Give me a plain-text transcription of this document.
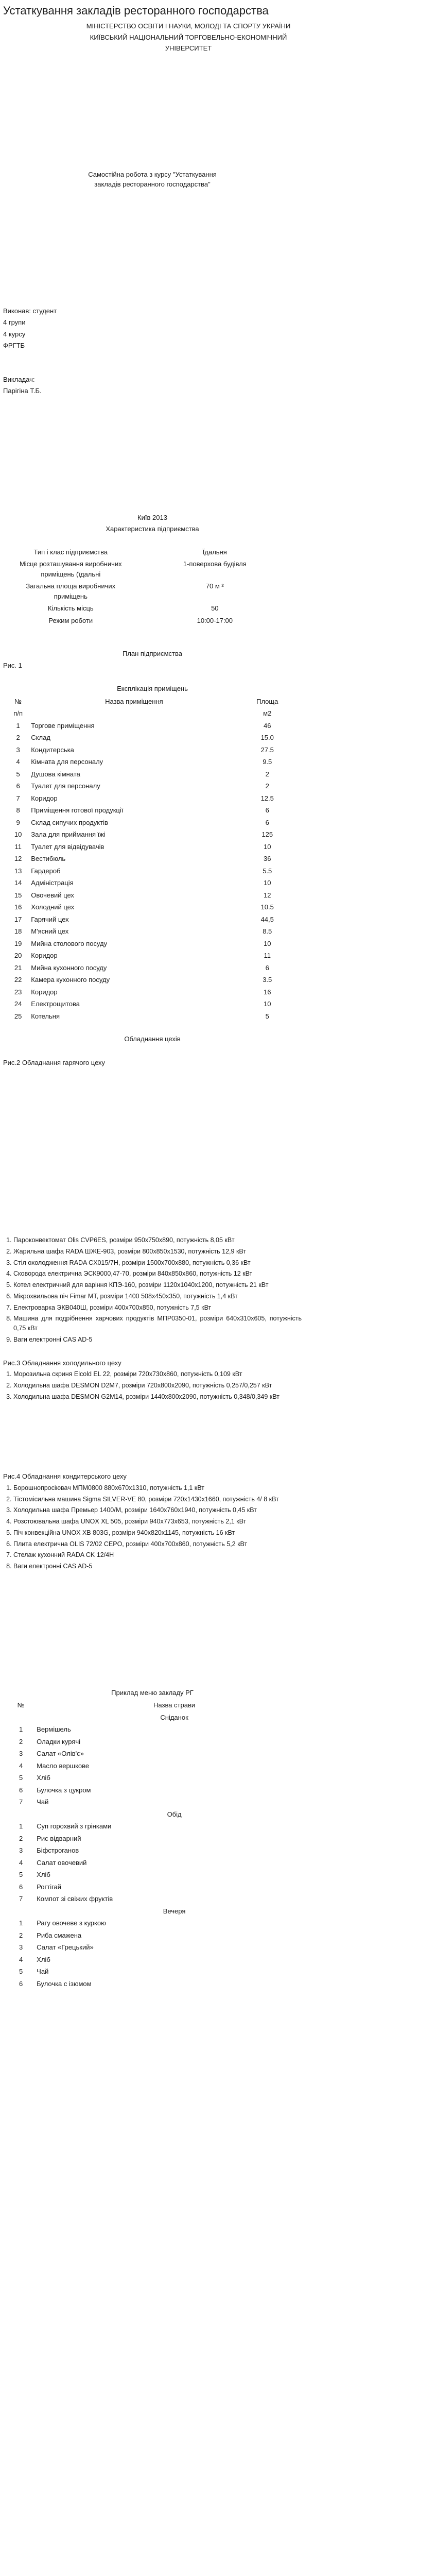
Устаткування закладів ресторанного господарства

МІНІСТЕРСТВО ОСВІТИ І НАУКИ, МОЛОДІ ТА СПОРТУ УКРАЇНИ

КИЇВСЬКИЙ НАЦІОНАЛЬНИЙ ТОРГОВЕЛЬНО-ЕКОНОМІЧНИЙ

УНІВЕРСИТЕТ

Самостійна робота з курсу "Устаткування закладів ресторанного господарства"

Виконав: студент

4 групи

4 курсу

ФРГТБ

Викладач:

Парігіна Т.Б.

Київ 2013

Характеристика підприємства

Тип і клас підприємства	Їдальня
Місце розташування виробничих приміщень (їдальні	1-поверхова будівля
Загальна площа виробничих приміщень	70 м ²
Кількість місць	50
Режим роботи	10:00-17:00

План підприємства

Рис. 1

Експлікація приміщень

№	Назва приміщення	Площа
п/п		м2
1	Торгове приміщення	46
2	Склад	15.0
3	Кондитерська	27.5
4	Кімната для персоналу	9.5
5	Душова кімната	2
6	Туалет для персоналу	2
7	Коридор	12.5
8	Приміщення готової продукції	6
9	Склад сипучих продуктів	6
10	Зала для приймання їжі	125
11	Туалет для відвідувачів	10
12	Вестибюль	36
13	Гардероб	5.5
14	Адміністрація	10
15	Овочевий цех	12
16	Холодний цех	10.5
17	Гарячий цех	44,5
18	М'ясний цех	8.5
19	Мийна столового посуду	10
20	Коридор	11
21	Мийна кухонного посуду	6
22	Камера кухонного посуду	3.5
23	Коридор	16
24	Електрощитова	10
25	Котельня	5

Обладнання цехів

Рис.2 Обладнання гарячого цеху

1. Пароконвектомат Olis CVP6ES, розміри 950х750х890, потужність 8,05 кВт
2. Жарильна шафа RADA ШЖЕ-903, розміри 800х850х1530, потужність 12,9 кВт
3. Стіл охолодження RADA CX015/7Н, розміри 1500х700х880, потужність 0,36 кВт
4. Сковорода електрична ЭСК9000,47-70, розміри 840х850х860, потужність 12 кВт
5. Котел електричний для варіння КПЭ-160, розміри 1120х1040х1200, потужність 21 кВт
6. Мікрохвильова піч Fimar MT, розміри 1400 508х450х350, потужність 1,4 кВт
7. Електроварка ЭКВ040Ш, розміри 400х700х850, потужність 7,5 кВт
8. Машина для подрібнення харчових продуктів МПР0350-01, розміри 640х310х605, потужність 0,75 кВт
9. Ваги електронні CAS AD-5

Рис.3 Обладнання холодильного цеху

1. Морозильна скриня Elcold EL 22, розміри 720х730х860, потужність 0,109 кВт
2. Холодильна шафа DESMON D2M7, розміри 720х800х2090, потужність 0,257/0,257 кВт
3. Холодильна шафа DESMON G2M14, розміри 1440х800х2090, потужність 0,348/0,349 кВт

Рис.4 Обладнання кондитерського цеху

1. Борошнопросіювач МПМ0800 880х670х1310, потужність 1,1 кВт
2. Тістомісильна машина Sigma SILVER-VE 80, розміри 720х1430х1660, потужність 4/ 8 кВт
3. Холодильна шафа Премьер 1400/М, розміри 1640х760х1940, потужність 0,45 кВт
4. Розстоювальна шафа UNOX XL 505, розміри 940х773х653, потужність 2,1 кВт
5. Піч конвекційна UNOX XB 803G, розміри 940х820х1145, потужність 16 кВт
6. Плита електрична OLIS 72/02 CEPO, розміри 400х700х860, потужність 5,2 кВт
7. Стелаж кухонний RADA CK 12/4Н
8. Ваги електронні CAS AD-5

Приклад меню закладу РГ

№	Назва страви
	Сніданок
1	Вермішель
2	Оладки курячі
3	Салат «Олів'є»
4	Масло вершкове
5	Хліб
6	Булочка з цукром
7	Чай
	Обід
1	Суп горохвий з грінками
2	Рис відварний
3	Біфстроганов
4	Салат овочевий
5	Хліб
6	Рогтігай
7	Компот зі свіжих фруктів
	Вечеря
1	Рагу овочеве з куркою
2	Риба смажена
3	Салат «Грецький»
4	Хліб
5	Чай
6	Булочка с ізюмом
